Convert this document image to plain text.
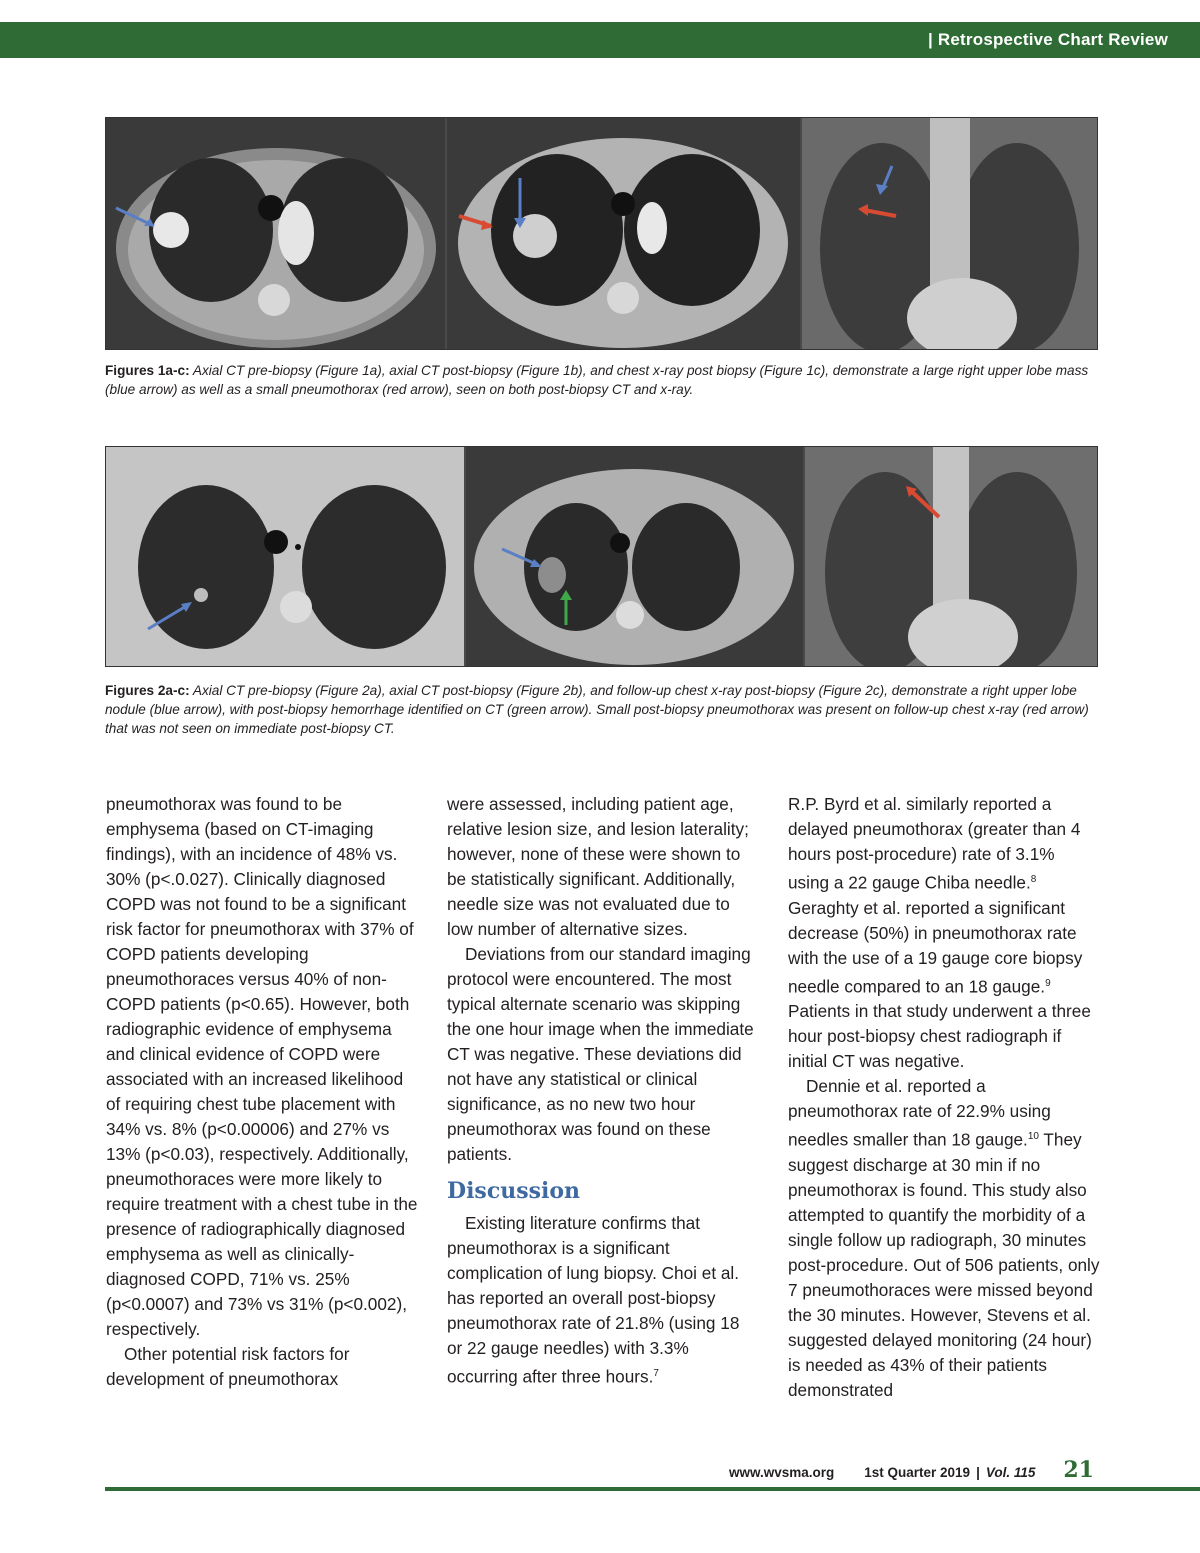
| Retrospective Chart Review
Figures 1a-c: Axial CT pre-biopsy (Figure 1a), axial CT post-biopsy (Figure 1b), and chest x-ray post biopsy (Figure 1c), demonstrate a large right upper lobe mass (blue arrow) as well as a small pneumothorax (red arrow), seen on both post-biopsy CT and x-ray.
Figures 2a-c: Axial CT pre-biopsy (Figure 2a), axial CT post-biopsy (Figure 2b), and follow-up chest x-ray post-biopsy (Figure 2c), demonstrate a right upper lobe nodule (blue arrow), with post-biopsy hemorrhage identified on CT (green arrow). Small post-biopsy pneumothorax was present on follow-up chest x-ray (red arrow) that was not seen on immediate post-biopsy CT.

pneumothorax was found to be emphysema (based on CT-imaging findings), with an incidence of 48% vs. 30% (p<.0.027). Clinically diagnosed COPD was not found to be a significant risk factor for pneumothorax with 37% of COPD patients developing pneumothoraces versus 40% of non-COPD patients (p<0.65). However, both radiographic evidence of emphysema and clinical evidence of COPD were associated with an increased likelihood of requiring chest tube placement with 34% vs. 8% (p<0.00006) and 27% vs 13% (p<0.03), respectively. Additionally, pneumothoraces were more likely to require treatment with a chest tube in the presence of radiographically diagnosed emphysema as well as clinically-diagnosed COPD, 71% vs. 25% (p<0.0007) and 73% vs 31% (p<0.002), respectively.

Other potential risk factors for development of pneumothorax

were assessed, including patient age, relative lesion size, and lesion laterality; however, none of these were shown to be statistically significant. Additionally, needle size was not evaluated due to low number of alternative sizes.

Deviations from our standard imaging protocol were encountered. The most typical alternate scenario was skipping the one hour image when the immediate CT was negative. These deviations did not have any statistical or clinical significance, as no new two hour pneumothorax was found on these patients.

Discussion

Existing literature confirms that pneumothorax is a significant complication of lung biopsy. Choi et al. has reported an overall post-biopsy pneumothorax rate of 21.8% (using 18 or 22 gauge needles) with 3.3% occurring after three hours.$^7$

R.P. Byrd et al. similarly reported a delayed pneumothorax (greater than 4 hours post-procedure) rate of 3.1% using a 22 gauge Chiba needle.$^8$ Geraghty et al. reported a significant decrease (50%) in pneumothorax rate with the use of a 19 gauge core biopsy needle compared to an 18 gauge.$^9$ Patients in that study underwent a three hour post-biopsy chest radiograph if initial CT was negative.

Dennie et al. reported a pneumothorax rate of 22.9% using needles smaller than 18 gauge.$^{10}$ They suggest discharge at 30 min if no pneumothorax is found. This study also attempted to quantify the morbidity of a single follow up radiograph, 30 minutes post-procedure. Out of 506 patients, only 7 pneumothoraces were missed beyond the 30 minutes. However, Stevens et al. suggested delayed monitoring (24 hour) is needed as 43% of their patients demonstrated

www.wvsma.org 1st Quarter 2019 | Vol. 115 21
